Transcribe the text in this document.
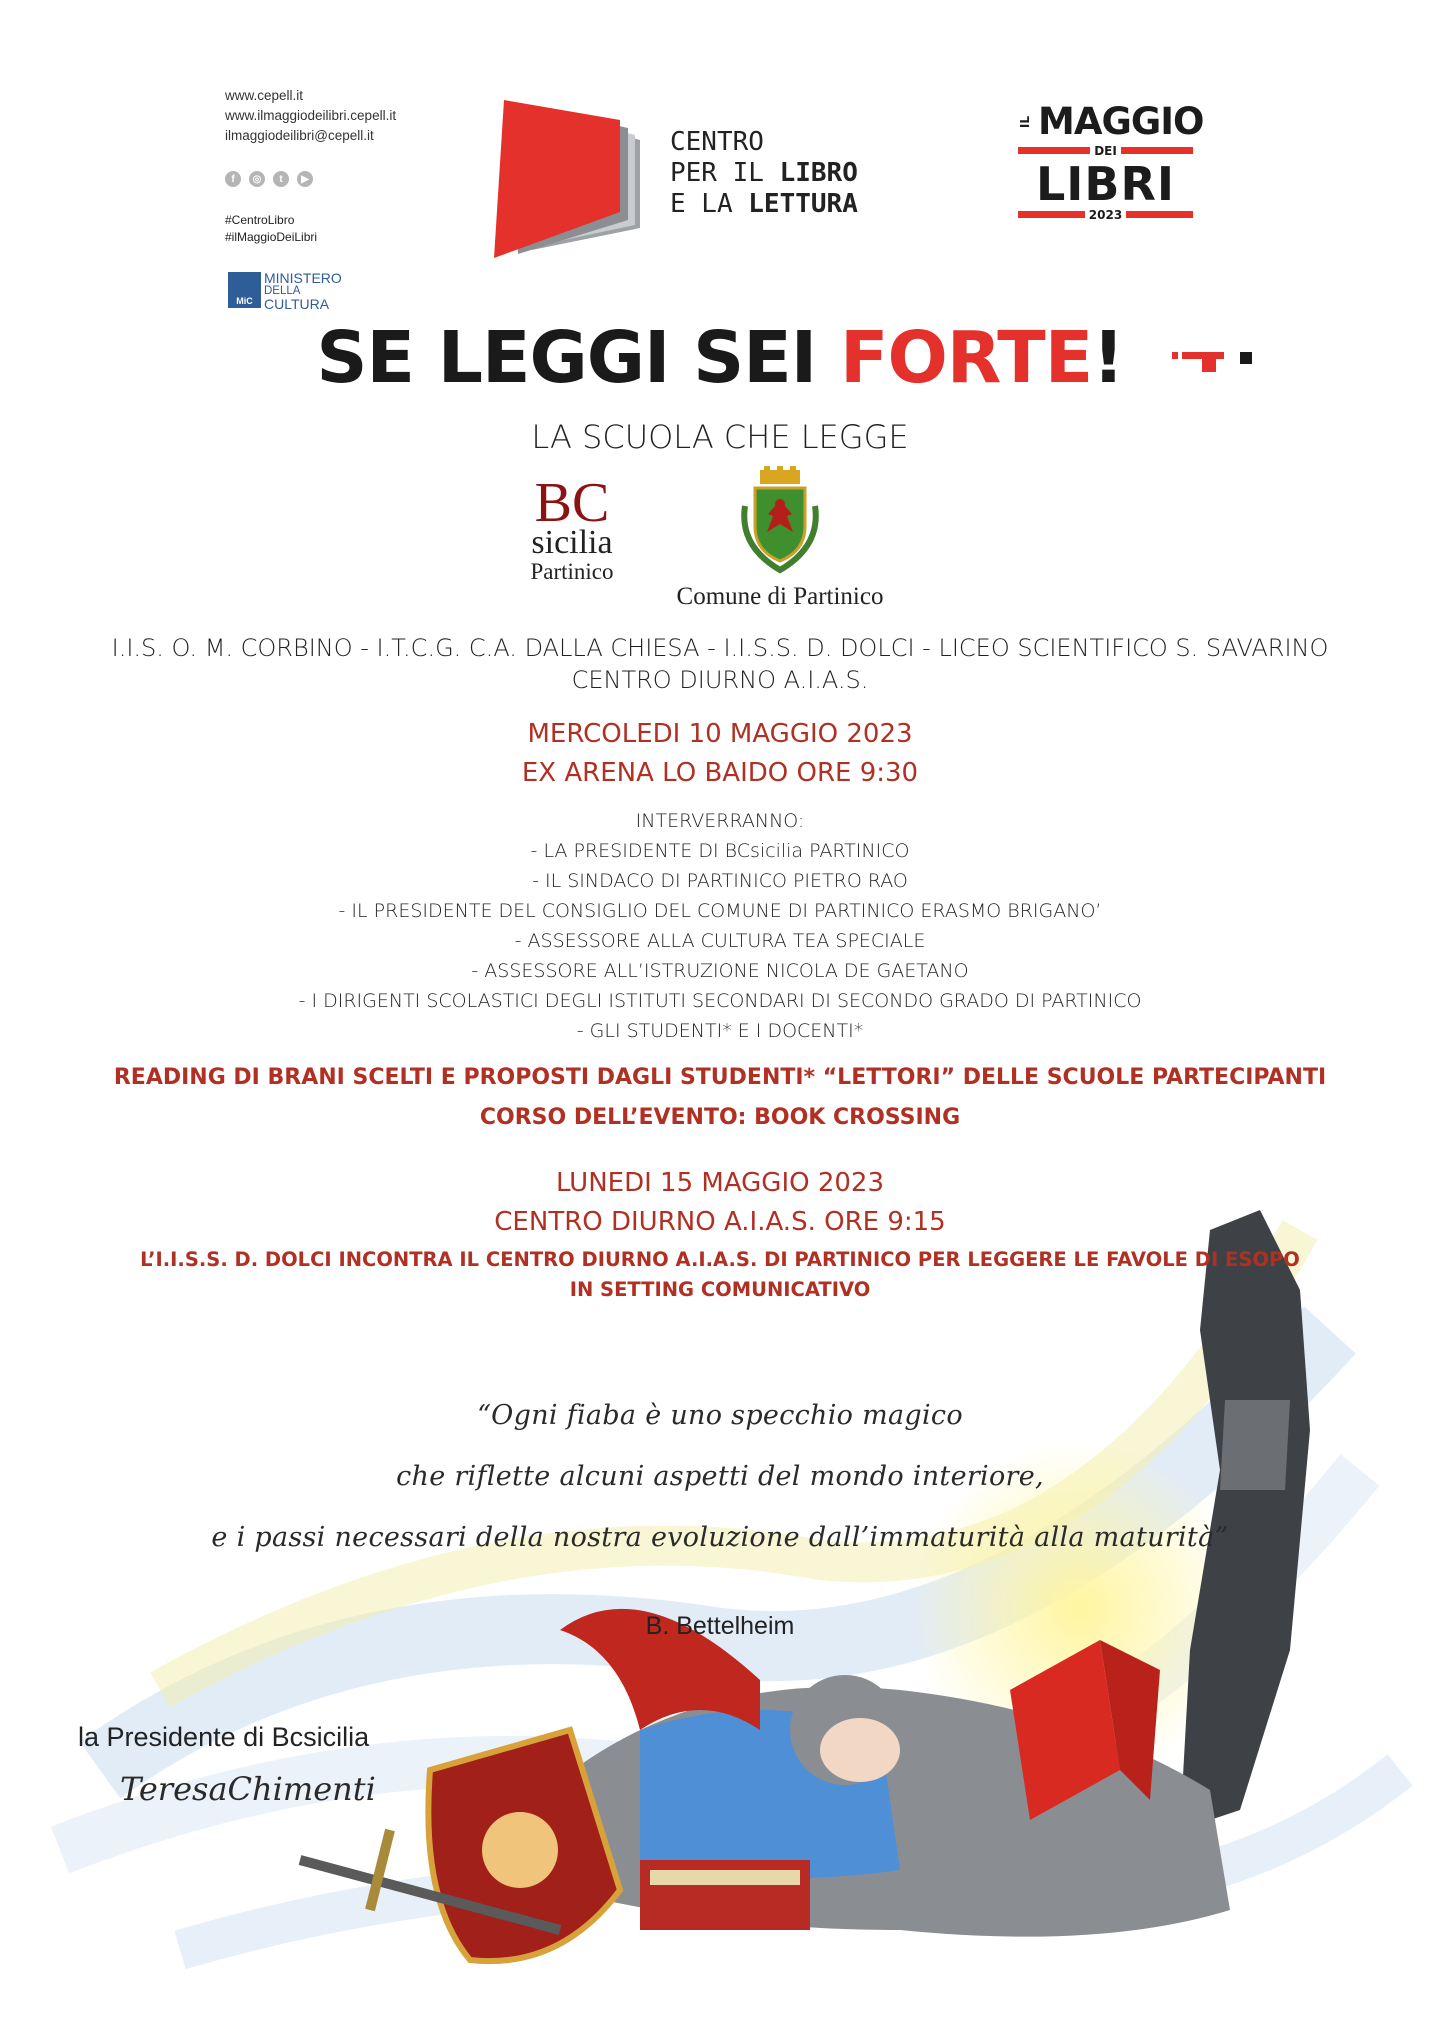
www.cepell.it
www.ilmaggiodeilibri.cepell.it
ilmaggiodeilibri@cepell.it
f	◎	t	▶
#CentroLibro
#ilMaggioDeiLibri
MiC
MINISTERO
DELLA
CULTURA
CENTRO
PER IL LIBRO
E LA LETTURA
IL MAGGIO
DEI
LIBRI
2023
SE LEGGI SEI FORTE!
LA SCUOLA CHE LEGGE
BC
sicilia
Partinico
Comune di Partinico
I.I.S. O. M. CORBINO - I.T.C.G. C.A. DALLA CHIESA - I.I.S.S. D. DOLCI - LICEO SCIENTIFICO S. SAVARINO
CENTRO DIURNO A.I.A.S.
MERCOLEDI 10 MAGGIO 2023
EX ARENA LO BAIDO ORE 9:30
INTERVERRANNO:
- LA PRESIDENTE DI BCsicilia PARTINICO
- IL SINDACO DI PARTINICO PIETRO RAO
- IL PRESIDENTE DEL CONSIGLIO DEL COMUNE DI PARTINICO ERASMO BRIGANO’
- ASSESSORE ALLA CULTURA TEA SPECIALE
- ASSESSORE ALL’ISTRUZIONE NICOLA DE GAETANO
- I DIRIGENTI SCOLASTICI DEGLI ISTITUTI SECONDARI DI SECONDO GRADO DI PARTINICO
- GLI STUDENTI* E I DOCENTI*
READING DI BRANI SCELTI E PROPOSTI DAGLI STUDENTI* “LETTORI” DELLE SCUOLE PARTECIPANTI
CORSO DELL’EVENTO: BOOK CROSSING
LUNEDI 15 MAGGIO 2023
CENTRO DIURNO A.I.A.S. ORE 9:15
L’I.I.S.S. D. DOLCI INCONTRA IL CENTRO DIURNO A.I.A.S. DI PARTINICO PER LEGGERE LE FAVOLE DI ESOPO
IN SETTING COMUNICATIVO
“Ogni fiaba è uno specchio magico
che riflette alcuni aspetti del mondo interiore,
e i passi necessari della nostra evoluzione dall’immaturità alla maturità”
B. Bettelheim
la Presidente di Bcsicilia
TeresaChimenti
